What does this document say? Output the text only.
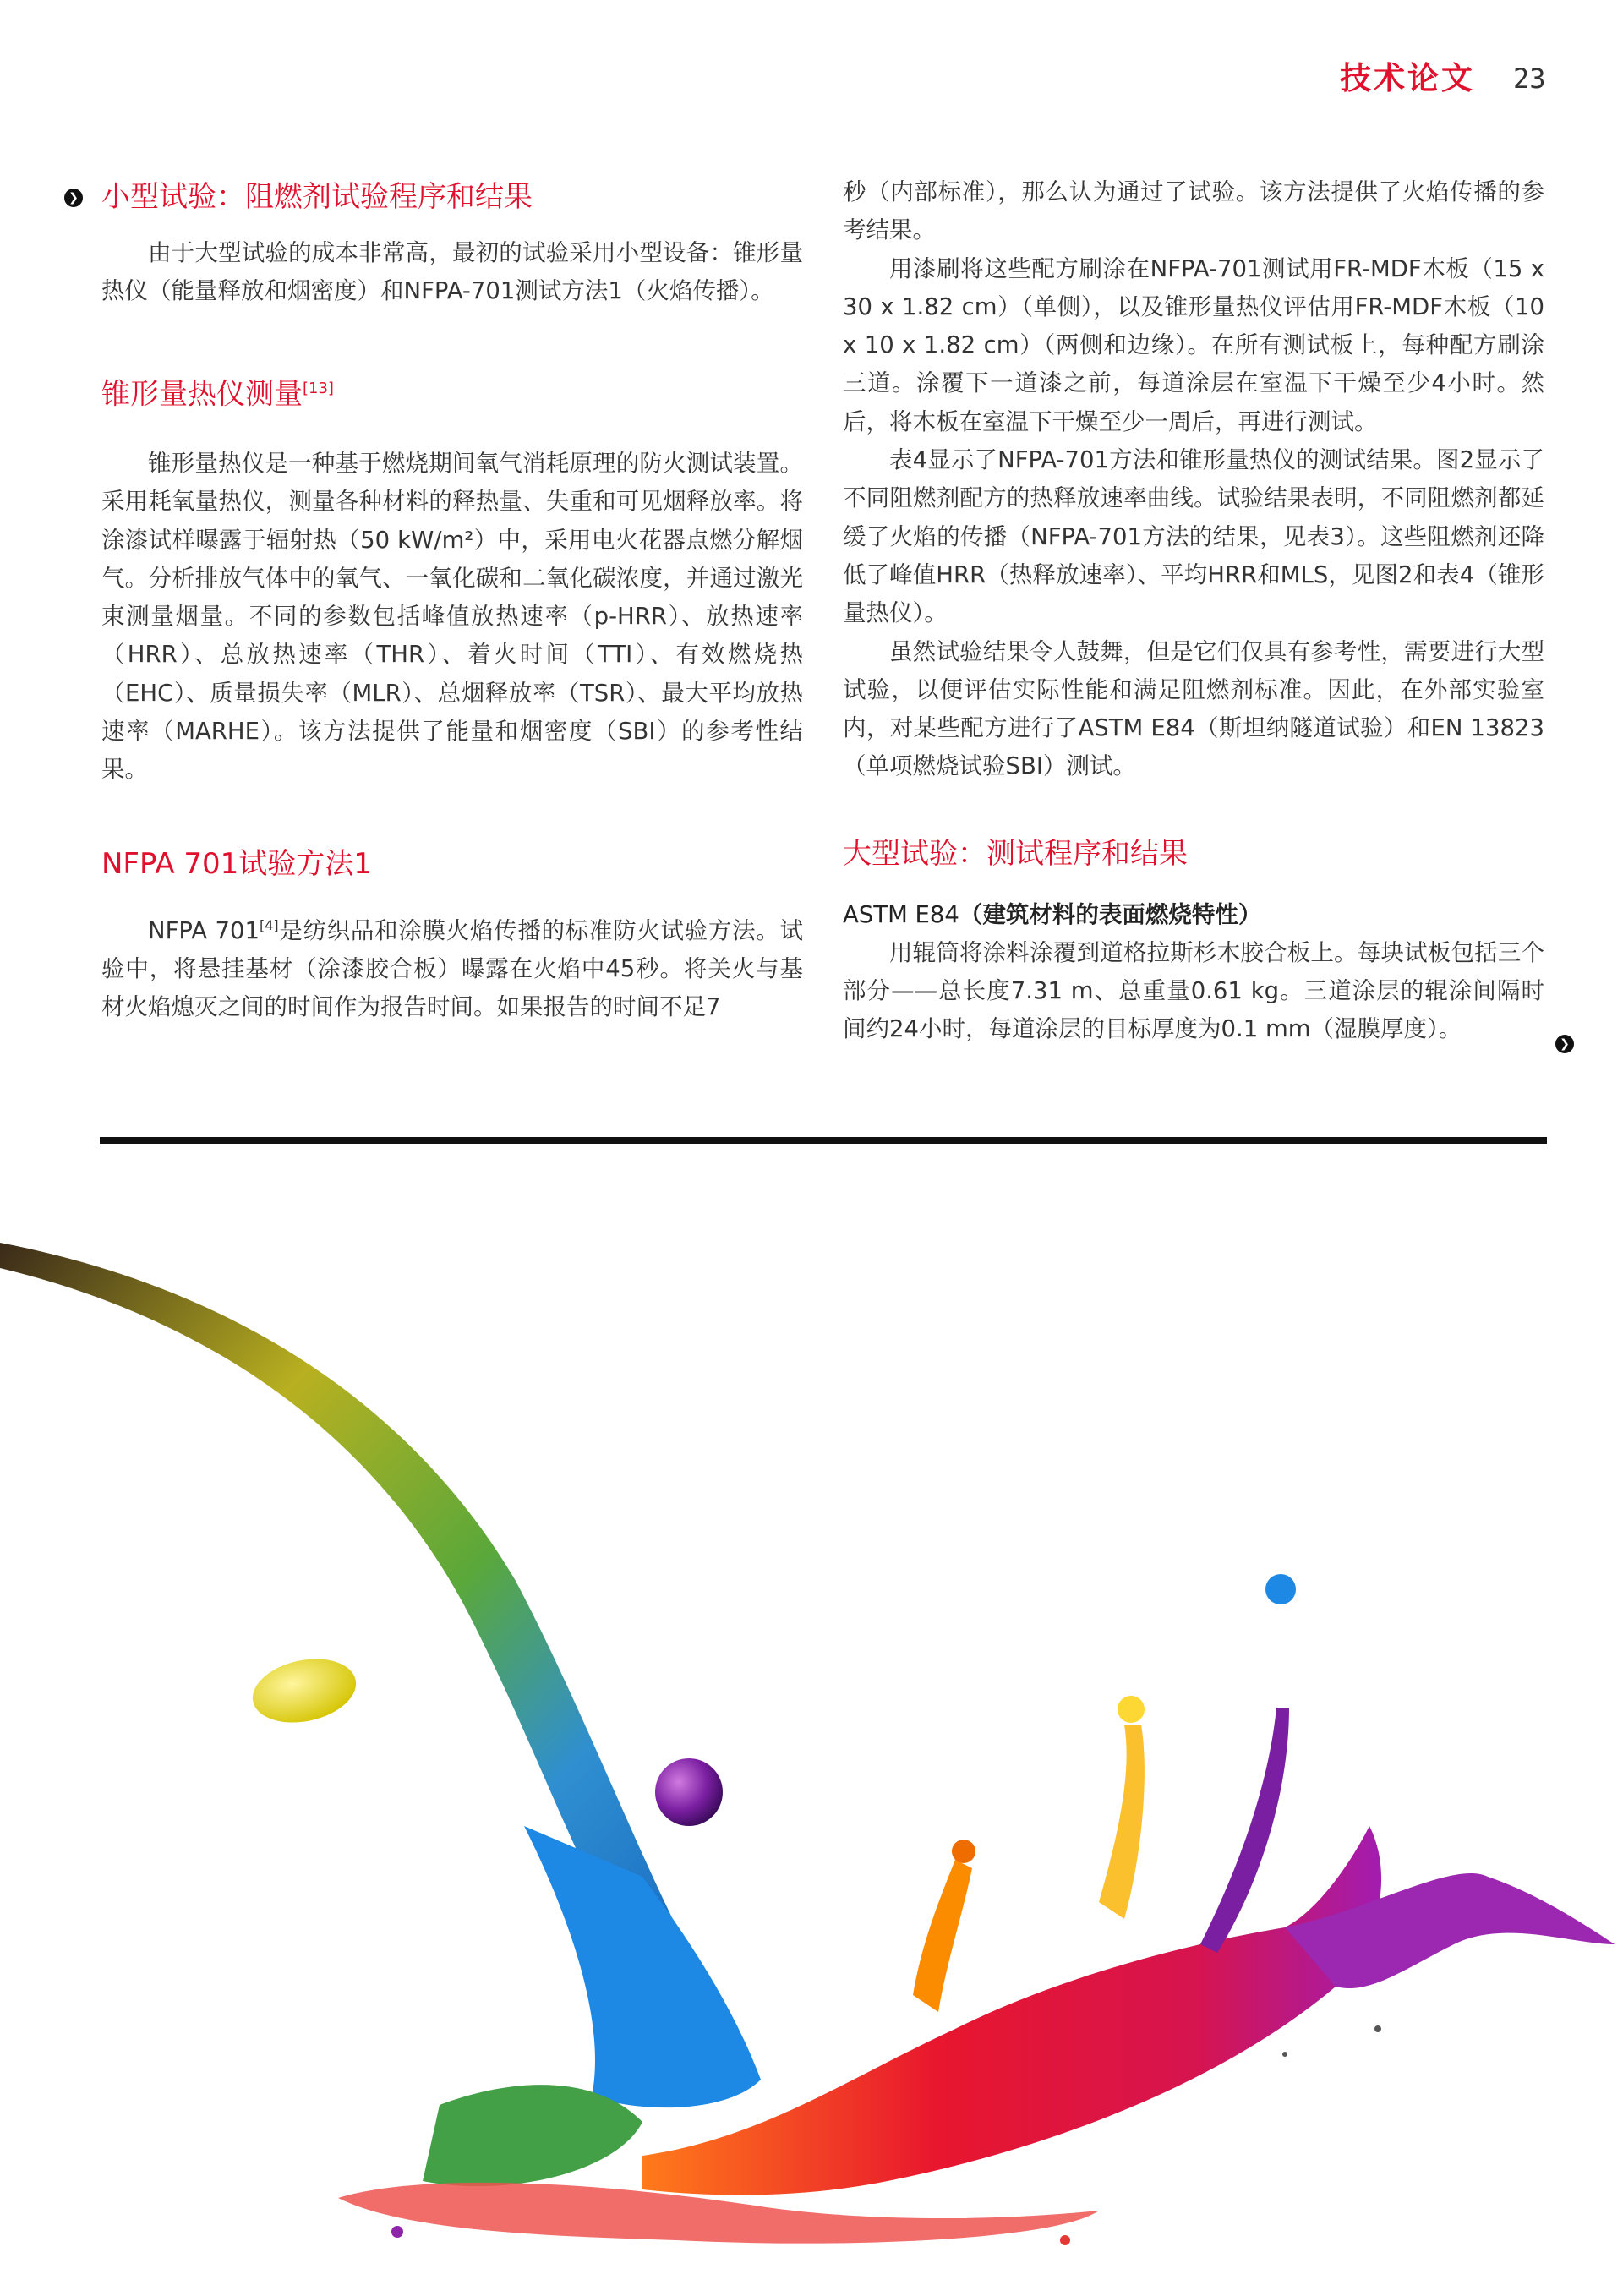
技术论文 23
❯ 小型试验：阻燃剂试验程序和结果

由于大型试验的成本非常高，最初的试验采用小型设备：锥形量热仪（能量释放和烟密度）和NFPA-701测试方法1（火焰传播）。

锥形量热仪测量[13]

锥形量热仪是一种基于燃烧期间氧气消耗原理的防火测试装置。采用耗氧量热仪，测量各种材料的释热量、失重和可见烟释放率。将涂漆试样曝露于辐射热（50 kW/m²）中，采用电火花器点燃分解烟气。分析排放气体中的氧气、一氧化碳和二氧化碳浓度，并通过激光束测量烟量。不同的参数包括峰值放热速率（p-HRR）、放热速率（HRR）、总放热速率（THR）、着火时间（TTI）、有效燃烧热（EHC）、质量损失率（MLR）、总烟释放率（TSR）、最大平均放热速率（MARHE）。该方法提供了能量和烟密度（SBI）的参考性结果。

NFPA 701试验方法1

NFPA 701[4]是纺织品和涂膜火焰传播的标准防火试验方法。试验中，将悬挂基材（涂漆胶合板）曝露在火焰中45秒。将关火与基材火焰熄灭之间的时间作为报告时间。如果报告的时间不足7

秒（内部标准），那么认为通过了试验。该方法提供了火焰传播的参考结果。

用漆刷将这些配方刷涂在NFPA-701测试用FR-MDF木板（15 x 30 x 1.82 cm）（单侧），以及锥形量热仪评估用FR-MDF木板（10 x 10 x 1.82 cm）（两侧和边缘）。在所有测试板上，每种配方刷涂三道。涂覆下一道漆之前，每道涂层在室温下干燥至少4小时。然后，将木板在室温下干燥至少一周后，再进行测试。

表4显示了NFPA-701方法和锥形量热仪的测试结果。图2显示了不同阻燃剂配方的热释放速率曲线。试验结果表明，不同阻燃剂都延缓了火焰的传播（NFPA-701方法的结果，见表3）。这些阻燃剂还降低了峰值HRR（热释放速率）、平均HRR和MLS，见图2和表4（锥形量热仪）。

虽然试验结果令人鼓舞，但是它们仅具有参考性，需要进行大型试验，以便评估实际性能和满足阻燃剂标准。因此，在外部实验室内，对某些配方进行了ASTM E84（斯坦纳隧道试验）和EN 13823（单项燃烧试验SBI）测试。

大型试验：测试程序和结果
ASTM E84（建筑材料的表面燃烧特性）

用辊筒将涂料涂覆到道格拉斯杉木胶合板上。每块试板包括三个部分——总长度7.31 m、总重量0.61 kg。三道涂层的辊涂间隔时间约24小时，每道涂层的目标厚度为0.1 mm（湿膜厚度）。

❯
